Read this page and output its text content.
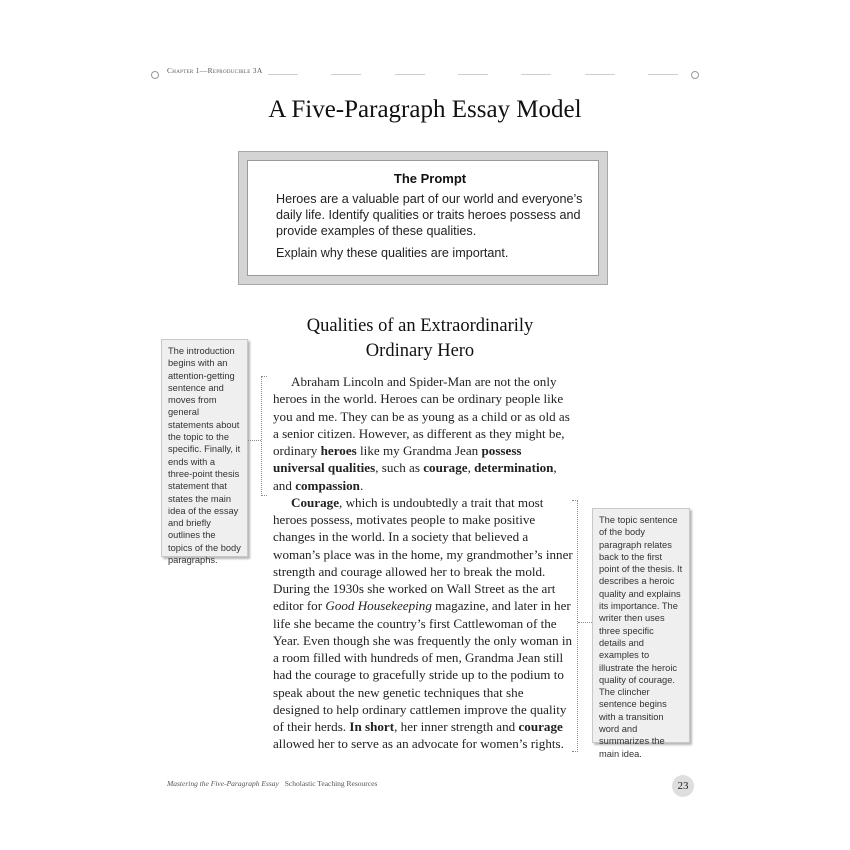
Chapter 1—Reproducible 3A
A Five-Paragraph Essay Model
The Prompt

Heroes are a valuable part of our world and everyone’s daily life. Identify qualities or traits heroes possess and provide examples of these qualities.

Explain why these qualities are important.

Qualities of an Extraordinarily
Ordinary Hero
The introduction begins with an attention-getting sentence and moves from general statements about the topic to the specific. Finally, it ends with a three-point thesis statement that states the main idea of the essay and briefly outlines the topics of the body paragraphs.

Abraham Lincoln and Spider-Man are not the only heroes in the world. Heroes can be ordinary people like you and me. They can be as young as a child or as old as a senior citizen. However, as different as they might be, ordinary heroes like my Grandma Jean possess universal qualities, such as courage, determination, and compassion.

Courage, which is undoubtedly a trait that most heroes possess, motivates people to make positive changes in the world. In a society that believed a woman’s place was in the home, my grandmother’s inner strength and courage allowed her to break the mold. During the 1930s she worked on Wall Street as the art editor for Good Housekeeping magazine, and later in her life she became the country’s first Cattlewoman of the Year. Even though she was frequently the only woman in a room filled with hundreds of men, Grandma Jean still had the courage to gracefully stride up to the podium to speak about the new genetic techniques that she designed to help ordinary cattlemen improve the quality of their herds. In short, her inner strength and courage allowed her to serve as an advocate for women’s rights.

The topic sentence of the body paragraph relates back to the first point of the thesis. It describes a heroic quality and explains its importance. The writer then uses three specific details and examples to illustrate the heroic quality of courage. The clincher sentence begins with a transition word and summarizes the main idea.
Mastering the Five-Paragraph Essay Scholastic Teaching Resources	23
